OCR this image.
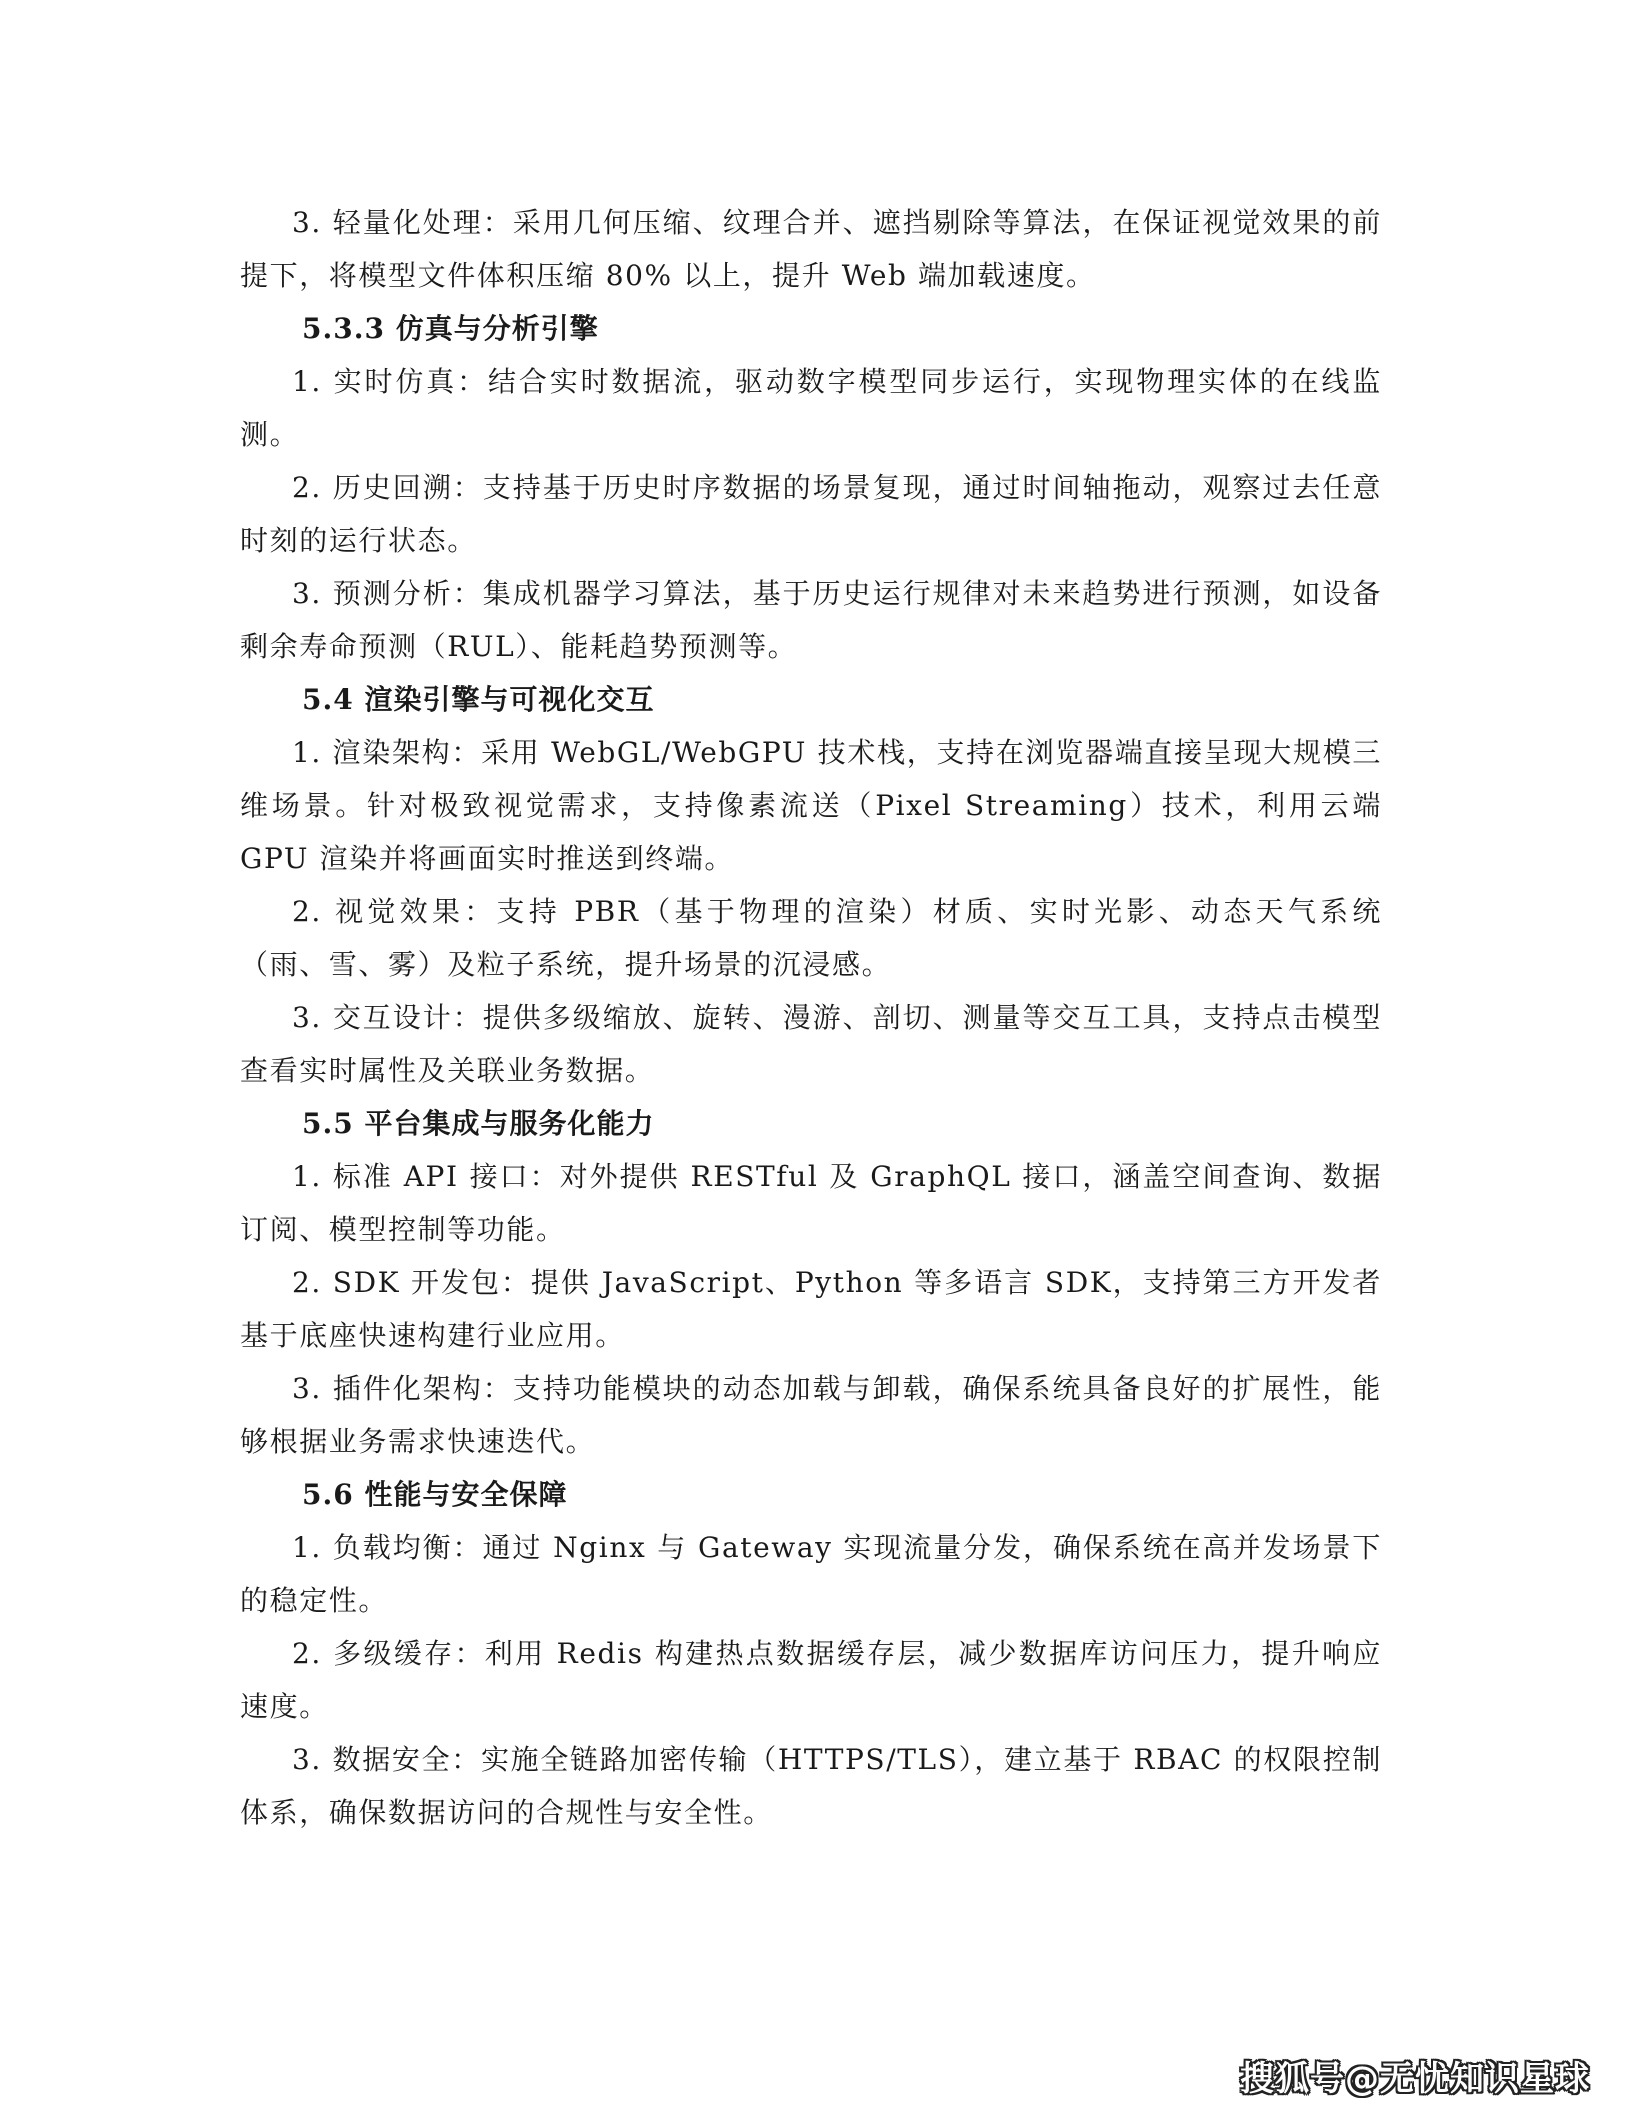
3. 轻量化处理：采用几何压缩、纹理合并、遮挡剔除等算法，在保证视觉效果的前提下，将模型文件体积压缩 80% 以上，提升 Web 端加载速度。

5.3.3 仿真与分析引擎

1. 实时仿真：结合实时数据流，驱动数字模型同步运行，实现物理实体的在线监测。

2. 历史回溯：支持基于历史时序数据的场景复现，通过时间轴拖动，观察过去任意时刻的运行状态。

3. 预测分析：集成机器学习算法，基于历史运行规律对未来趋势进行预测，如设备剩余寿命预测（RUL）、能耗趋势预测等。

5.4 渲染引擎与可视化交互

1. 渲染架构：采用 WebGL/WebGPU 技术栈，支持在浏览器端直接呈现大规模三维场景。针对极致视觉需求，支持像素流送（Pixel Streaming）技术，利用云端 GPU 渲染并将画面实时推送到终端。

2. 视觉效果：支持 PBR（基于物理的渲染）材质、实时光影、动态天气系统（雨、雪、雾）及粒子系统，提升场景的沉浸感。

3. 交互设计：提供多级缩放、旋转、漫游、剖切、测量等交互工具，支持点击模型查看实时属性及关联业务数据。

5.5 平台集成与服务化能力

1. 标准 API 接口：对外提供 RESTful 及 GraphQL 接口，涵盖空间查询、数据订阅、模型控制等功能。

2. SDK 开发包：提供 JavaScript、Python 等多语言 SDK，支持第三方开发者基于底座快速构建行业应用。

3. 插件化架构：支持功能模块的动态加载与卸载，确保系统具备良好的扩展性，能够根据业务需求快速迭代。

5.6 性能与安全保障

1. 负载均衡：通过 Nginx 与 Gateway 实现流量分发，确保系统在高并发场景下的稳定性。

2. 多级缓存：利用 Redis 构建热点数据缓存层，减少数据库访问压力，提升响应速度。

3. 数据安全：实施全链路加密传输（HTTPS/TLS），建立基于 RBAC 的权限控制体系，确保数据访问的合规性与安全性。

搜狐号@无忧知识星球
